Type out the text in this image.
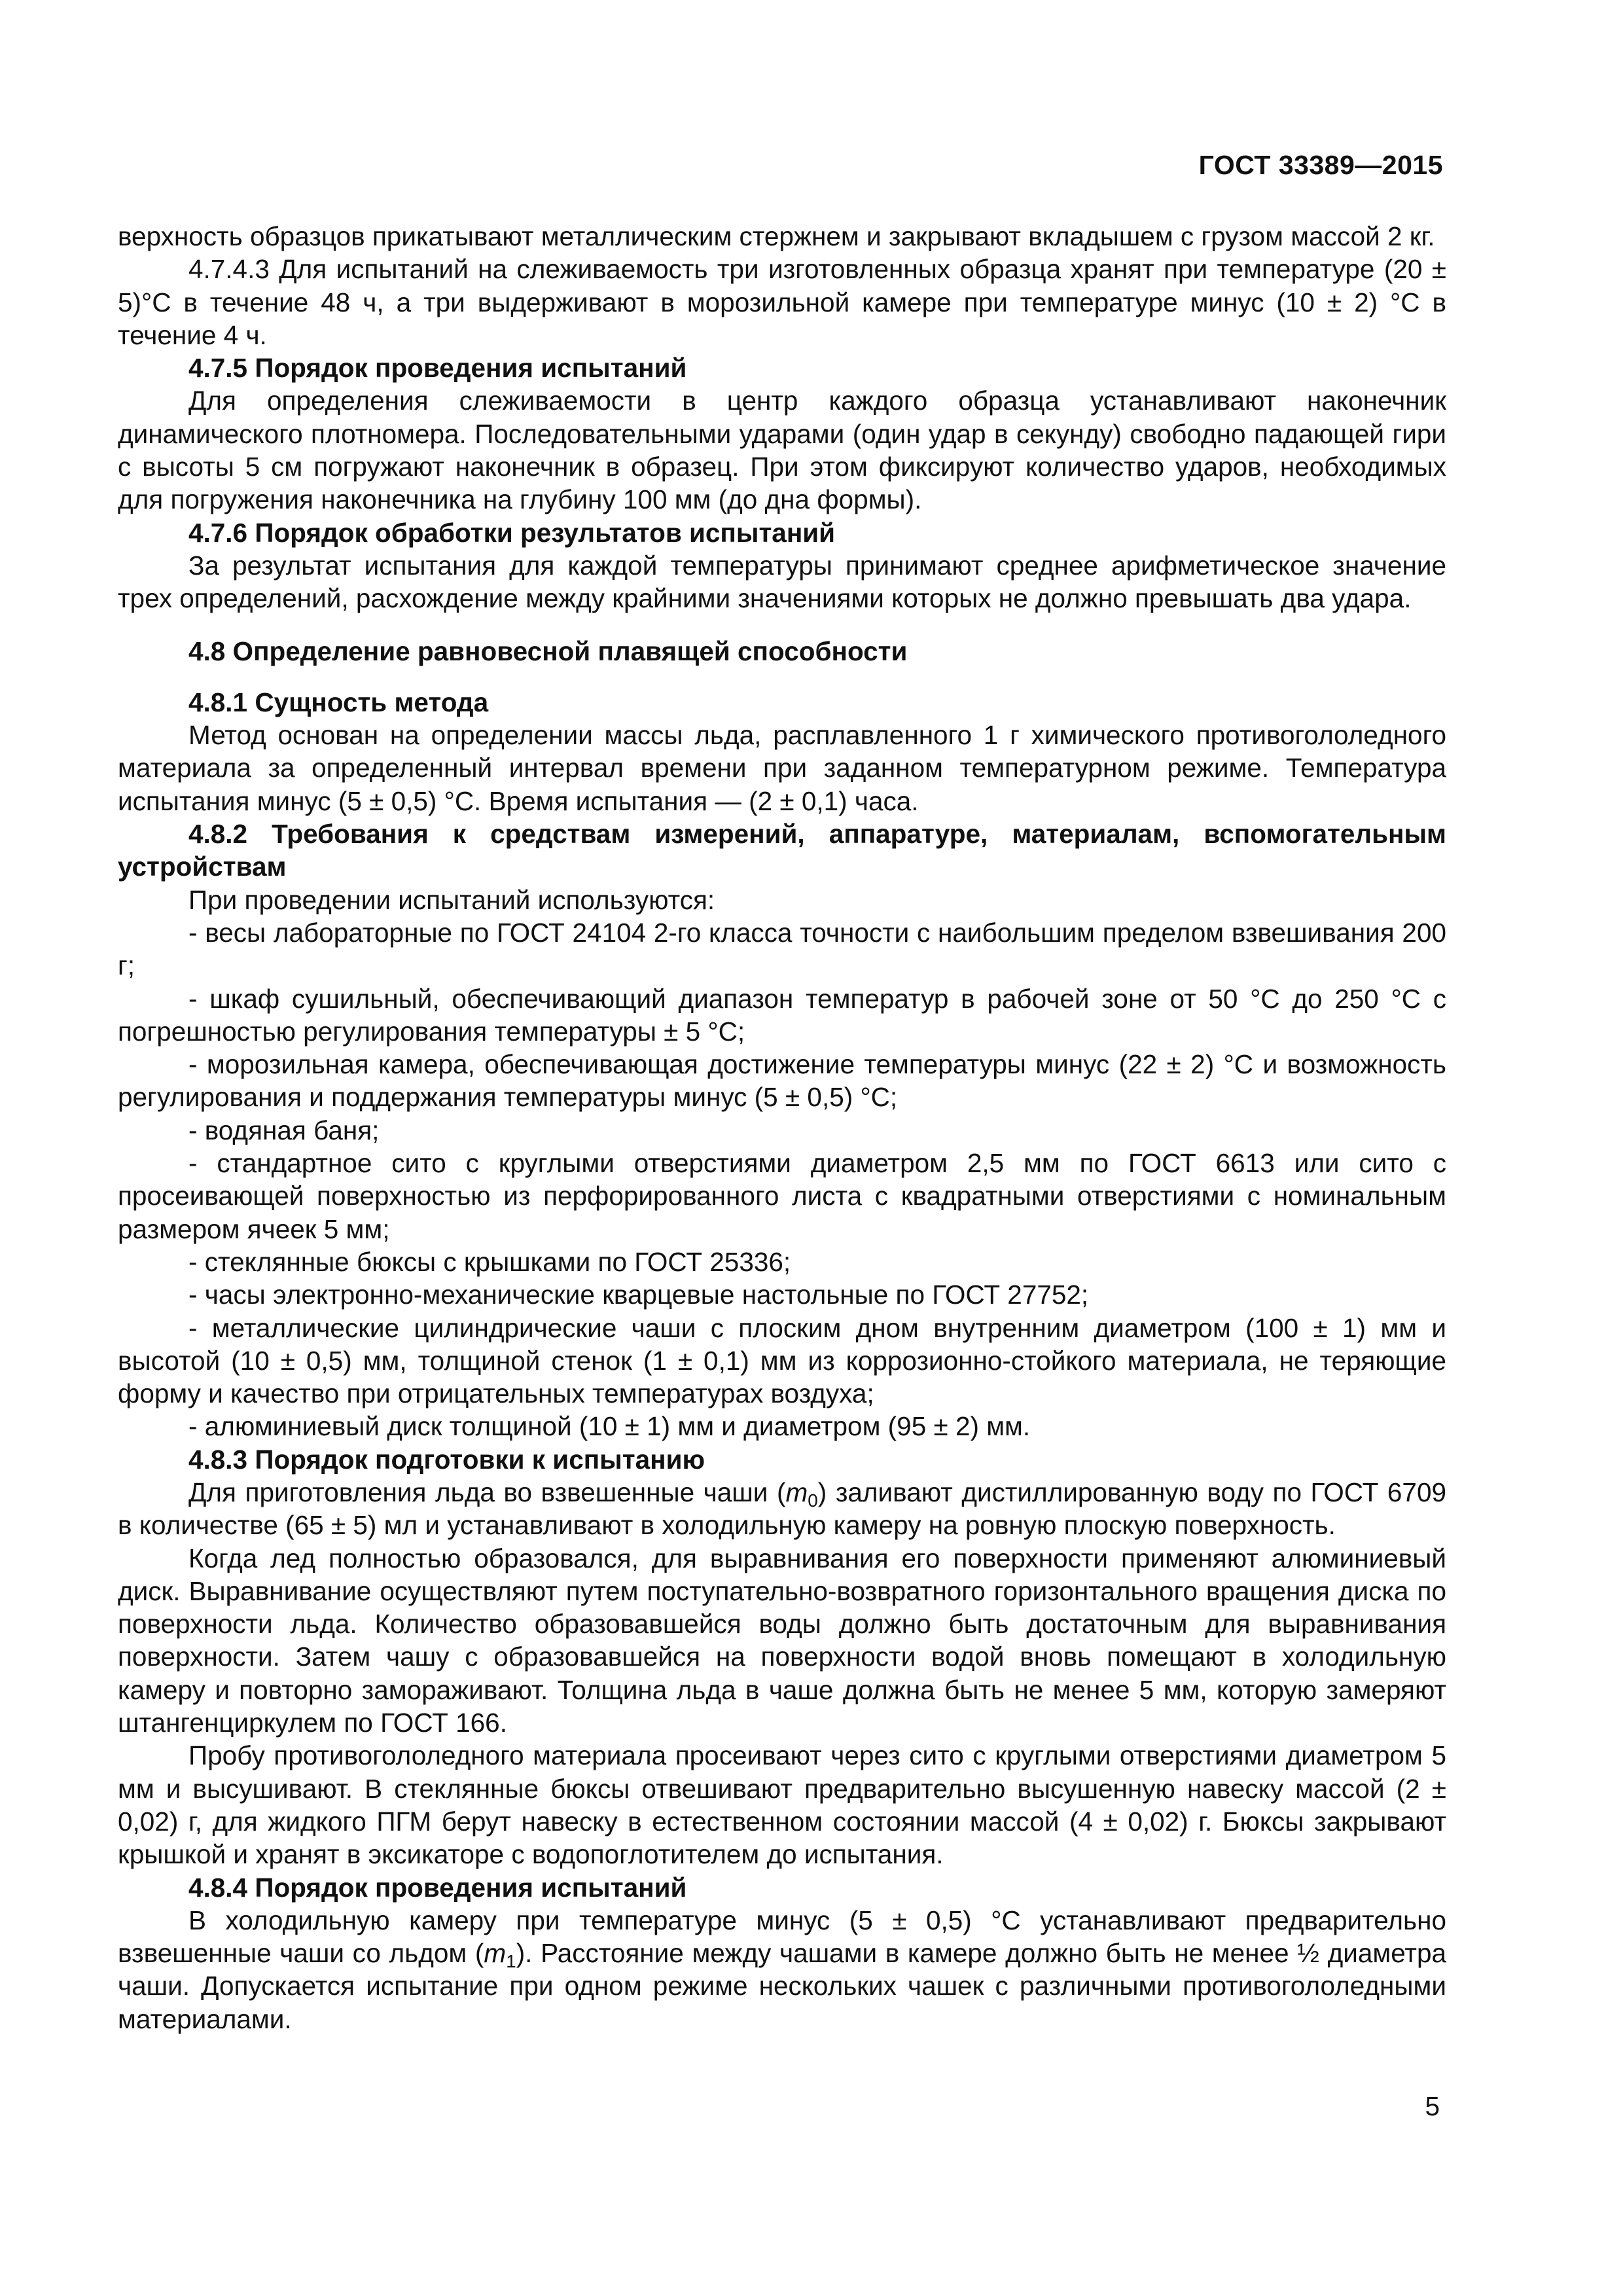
ГОСТ 33389—2015

верхность образцов прикатывают металлическим стержнем и закрывают вкладышем с грузом массой 2 кг.

4.7.4.3 Для испытаний на слеживаемость три изготовленных образца хранят при температуре (20 ± 5)°С в течение 48 ч, а три выдерживают в морозильной камере при температуре минус (10 ± 2) °С в течение 4 ч.

4.7.5 Порядок проведения испытаний

Для определения слеживаемости в центр каждого образца устанавливают наконечник динамического плотномера. Последовательными ударами (один удар в секунду) свободно падающей гири с высоты 5 см погружают наконечник в образец. При этом фиксируют количество ударов, необходимых для погружения наконечника на глубину 100 мм (до дна формы).

4.7.6 Порядок обработки результатов испытаний

За результат испытания для каждой температуры принимают среднее арифметическое значение трех определений, расхождение между крайними значениями которых не должно превышать два удара.

4.8 Определение равновесной плавящей способности

4.8.1 Сущность метода

Метод основан на определении массы льда, расплавленного 1 г химического противогололедного материала за определенный интервал времени при заданном температурном режиме. Температура испытания минус (5 ± 0,5) °С. Время испытания — (2 ± 0,1) часа.

4.8.2 Требования к средствам измерений, аппаратуре, материалам, вспомогательным устройствам

При проведении испытаний используются:

- весы лабораторные по ГОСТ 24104 2-го класса точности с наибольшим пределом взвешивания 200 г;

- шкаф сушильный, обеспечивающий диапазон температур в рабочей зоне от 50 °С до 250 °С с погрешностью регулирования температуры ± 5 °С;

- морозильная камера, обеспечивающая достижение температуры минус (22 ± 2) °С и возможность регулирования и поддержания температуры минус (5 ± 0,5) °С;

- водяная баня;

- стандартное сито с круглыми отверстиями диаметром 2,5 мм по ГОСТ 6613 или сито с просеивающей поверхностью из перфорированного листа с квадратными отверстиями с номинальным размером ячеек 5 мм;

- стеклянные бюксы с крышками по ГОСТ 25336;

- часы электронно-механические кварцевые настольные по ГОСТ 27752;

- металлические цилиндрические чаши с плоским дном внутренним диаметром (100 ± 1) мм и высотой (10 ± 0,5) мм, толщиной стенок (1 ± 0,1) мм из коррозионно-стойкого материала, не теряющие форму и качество при отрицательных температурах воздуха;

- алюминиевый диск толщиной (10 ± 1) мм и диаметром (95 ± 2) мм.

4.8.3 Порядок подготовки к испытанию

Для приготовления льда во взвешенные чаши $(m_0)$ заливают дистиллированную воду по ГОСТ 6709 в количестве (65 ± 5) мл и устанавливают в холодильную камеру на ровную плоскую поверхность.

Когда лед полностью образовался, для выравнивания его поверхности применяют алюминиевый диск. Выравнивание осуществляют путем поступательно-возвратного горизонтального вращения диска по поверхности льда. Количество образовавшейся воды должно быть достаточным для выравнивания поверхности. Затем чашу с образовавшейся на поверхности водой вновь помещают в холодильную камеру и повторно замораживают. Толщина льда в чаше должна быть не менее 5 мм, которую замеряют штангенциркулем по ГОСТ 166.

Пробу противогололедного материала просеивают через сито с круглыми отверстиями диаметром 5 мм и высушивают. В стеклянные бюксы отвешивают предварительно высушенную навеску массой (2 ± 0,02) г, для жидкого ПГМ берут навеску в естественном состоянии массой (4 ± 0,02) г. Бюксы закрывают крышкой и хранят в эксикаторе с водопоглотителем до испытания.

4.8.4 Порядок проведения испытаний

В холодильную камеру при температуре минус (5 ± 0,5) °С устанавливают предварительно взвешенные чаши со льдом $(m_1)$. Расстояние между чашами в камере должно быть не менее ½ диаметра чаши. Допускается испытание при одном режиме нескольких чашек с различными противогололедными материалами.

5
